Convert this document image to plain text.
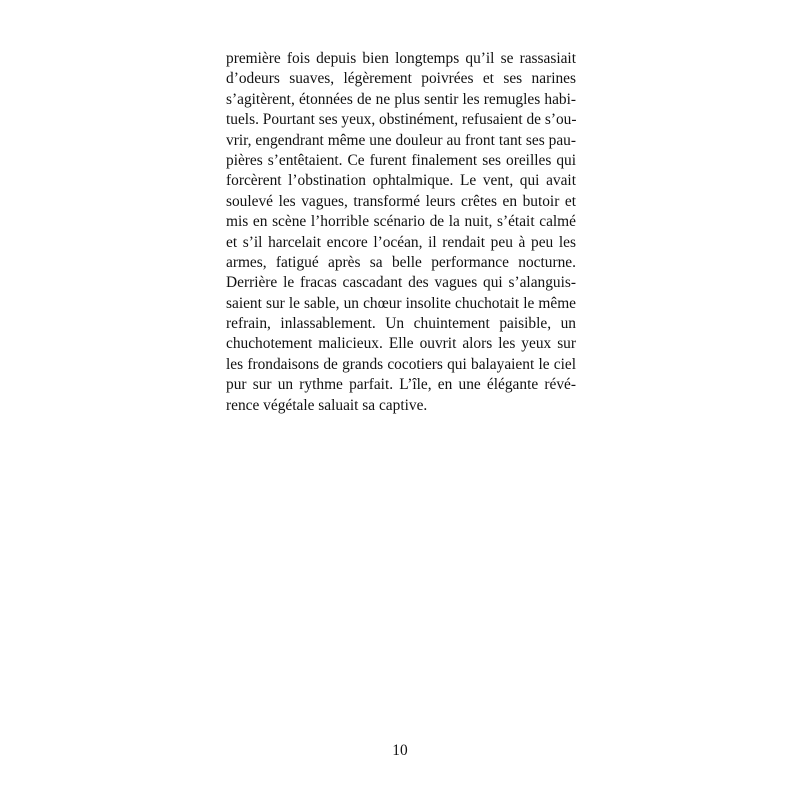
première fois depuis bien longtemps qu’il se rassasiait
d’odeurs suaves, légèrement poivrées et ses narines
s’agitèrent, étonnées de ne plus sentir les remugles habi-
tuels. Pourtant ses yeux, obstinément, refusaient de s’ou-
vrir, engendrant même une douleur au front tant ses pau-
pières s’entêtaient. Ce furent finalement ses oreilles qui
forcèrent l’obstination ophtalmique. Le vent, qui avait
soulevé les vagues, transformé leurs crêtes en butoir et
mis en scène l’horrible scénario de la nuit, s’était calmé
et s’il harcelait encore l’océan, il rendait peu à peu les
armes, fatigué après sa belle performance nocturne.
Derrière le fracas cascadant des vagues qui s’alanguis-
saient sur le sable, un chœur insolite chuchotait le même
refrain, inlassablement. Un chuintement paisible, un
chuchotement malicieux. Elle ouvrit alors les yeux sur
les frondaisons de grands cocotiers qui balayaient le ciel
pur sur un rythme parfait. L’île, en une élégante révé-
rence végétale saluait sa captive.
10
